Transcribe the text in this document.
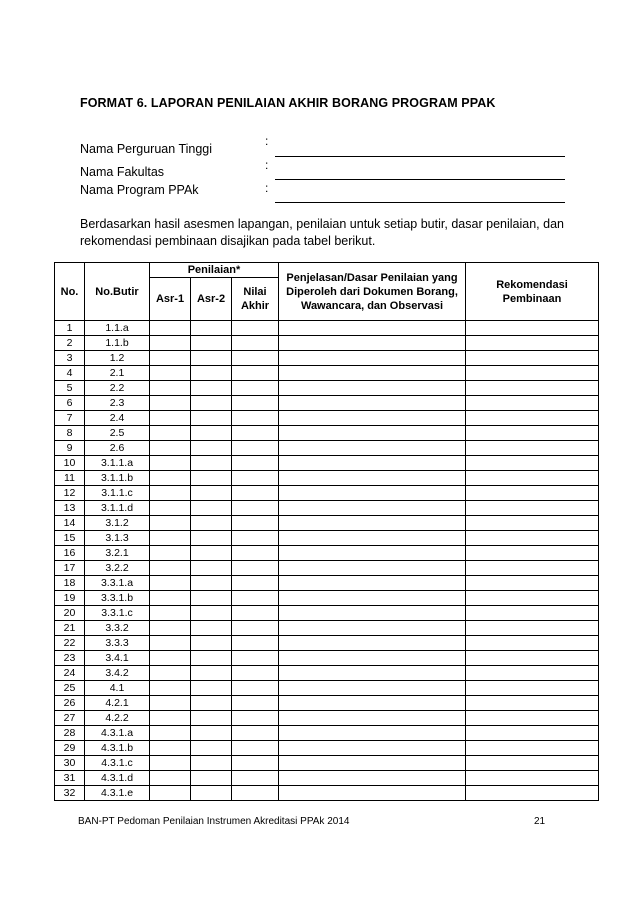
FORMAT 6. LAPORAN PENILAIAN AKHIR BORANG PROGRAM PPAK
Nama Perguruan Tinggi
:
Nama Fakultas	:
Nama Program PPAk	:
Berdasarkan hasil asesmen lapangan, penilaian untuk setiap butir, dasar penilaian, dan rekomendasi pembinaan disajikan pada tabel berikut.
No.	No.Butir	Penilaian*			Penjelasan/Dasar Penilaian yang Diperoleh dari Dokumen Borang, Wawancara, dan Observasi	Rekomendasi Pembinaan
		Asr-1	Asr-2	Nilai Akhir		
1	1.1.a					
2	1.1.b					
3	1.2					
4	2.1					
5	2.2					
6	2.3					
7	2.4					
8	2.5					
9	2.6					
10	3.1.1.a					
11	3.1.1.b					
12	3.1.1.c					
13	3.1.1.d					
14	3.1.2					
15	3.1.3					
16	3.2.1					
17	3.2.2					
18	3.3.1.a					
19	3.3.1.b					
20	3.3.1.c					
21	3.3.2					
22	3.3.3					
23	3.4.1					
24	3.4.2					
25	4.1					
26	4.2.1					
27	4.2.2					
28	4.3.1.a					
29	4.3.1.b					
30	4.3.1.c					
31	4.3.1.d					
32	4.3.1.e					
BAN-PT Pedoman Penilaian Instrumen Akreditasi PPAk 2014	21
